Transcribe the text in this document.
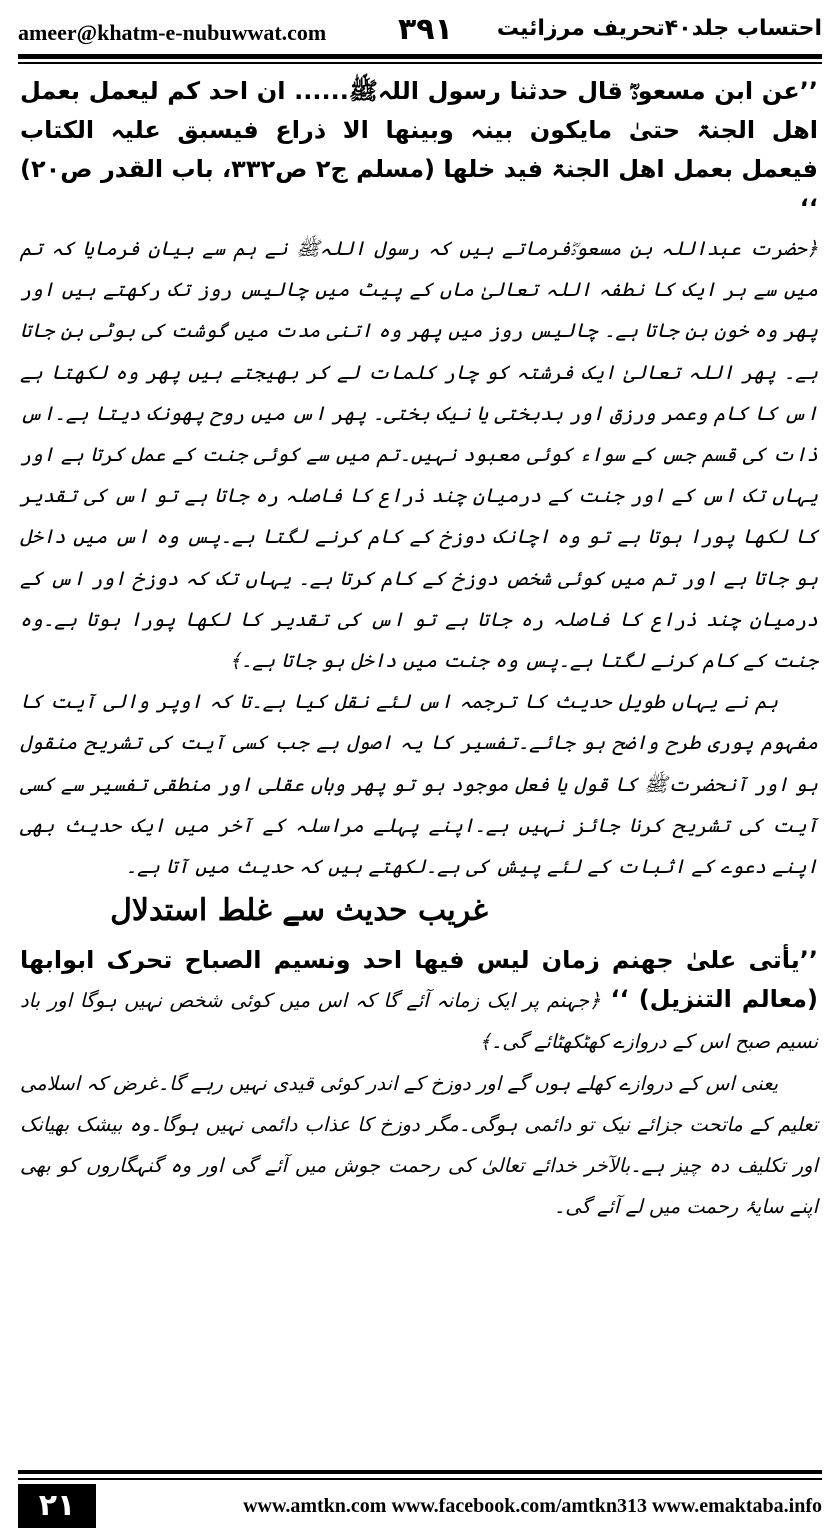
ameer@khatm-e-nubuwwat.com ۳۹۱ احتساب جلد۴۰تحریف مرزائیت

’’عن ابن مسعودؓ قال حدثنا رسول اللہﷺ...... ان احد کم لیعمل بعمل اھل الجنۃ حتیٰ مایکون بینہ وبینھا الا ذراع فیسبق علیہ الکتاب فیعمل بعمل اھل الجنۃ فید خلھا (مسلم ج۲ ص۳۳۲، باب القدر ص۲۰) ‘‘

﴿حضرت عبداللہ بن مسعودؓفرماتے ہیں کہ رسول اللہﷺ نے ہم سے بیان فرمایا کہ تم میں سے ہر ایک کا نطفہ اللہ تعالیٰ ماں کے پیٹ میں چالیس روز تک رکھتے ہیں اور پھر وہ خون بن جاتا ہے۔ چالیس روز میں پھر وہ اتنی مدت میں گوشت کی بوٹی بن جاتا ہے۔ پھر اللہ تعالیٰ ایک فرشتہ کو چار کلمات لے کر بھیجتے ہیں پھر وہ لکھتا ہے اس کا کام وعمر ورزق اور بدبختی یا نیک بختی۔ پھر اس میں روح پھونک دیتا ہے۔اس ذات کی قسم جس کے سواء کوئی معبود نہیں۔تم میں سے کوئی جنت کے عمل کرتا ہے اور یہاں تک اس کے اور جنت کے درمیان چند ذراع کا فاصلہ رہ جاتا ہے تو اس کی تقدیر کا لکھا پورا ہوتا ہے تو وہ اچانک دوزخ کے کام کرنے لگتا ہے۔پس وہ اس میں داخل ہو جاتا ہے اور تم میں کوئی شخص دوزخ کے کام کرتا ہے۔ یہاں تک کہ دوزخ اور اس کے درمیان چند ذراع کا فاصلہ رہ جاتا ہے تو اس کی تقدیر کا لکھا پورا ہوتا ہے۔وہ جنت کے کام کرنے لگتا ہے۔پس وہ جنت میں داخل ہو جاتا ہے۔﴾

ہم نے یہاں طویل حدیث کا ترجمہ اس لئے نقل کیا ہے۔تا کہ اوپر والی آیت کا مفہوم پوری طرح واضح ہو جائے۔تفسیر کا یہ اصول ہے جب کسی آیت کی تشریح منقول ہو اور آنحضرتﷺ کا قول یا فعل موجود ہو تو پھر وہاں عقلی اور منطقی تفسیر سے کسی آیت کی تشریح کرنا جائز نہیں ہے۔اپنے پہلے مراسلہ کے آخر میں ایک حدیث بھی اپنے دعوے کے اثبات کے لئے پیش کی ہے۔لکھتے ہیں کہ حدیث میں آتا ہے۔

غریب حدیث سے غلط استدلال

’’یأتی علیٰ جھنم زمان لیس فیھا احد ونسیم الصباح تحرک ابوابھا (معالم التنزیل) ‘‘ ﴿جہنم پر ایک زمانہ آئے گا کہ اس میں کوئی شخص نہیں ہوگا اور باد نسیم صبح اس کے دروازے کھٹکھٹائے گی۔﴾

یعنی اس کے دروازے کھلے ہوں گے اور دوزخ کے اندر کوئی قیدی نہیں رہے گا۔غرض کہ اسلامی تعلیم کے ماتحت جزائے نیک تو دائمی ہوگی۔مگر دوزخ کا عذاب دائمی نہیں ہوگا۔وہ بیشک بھیانک اور تکلیف دہ چیز ہے۔بالآخر خدائے تعالیٰ کی رحمت جوش میں آئے گی اور وہ گنہگاروں کو بھی اپنے سایۂ رحمت میں لے آئے گی۔

۲۱	www.amtkn.com www.facebook.com/amtkn313 www.emaktaba.info
